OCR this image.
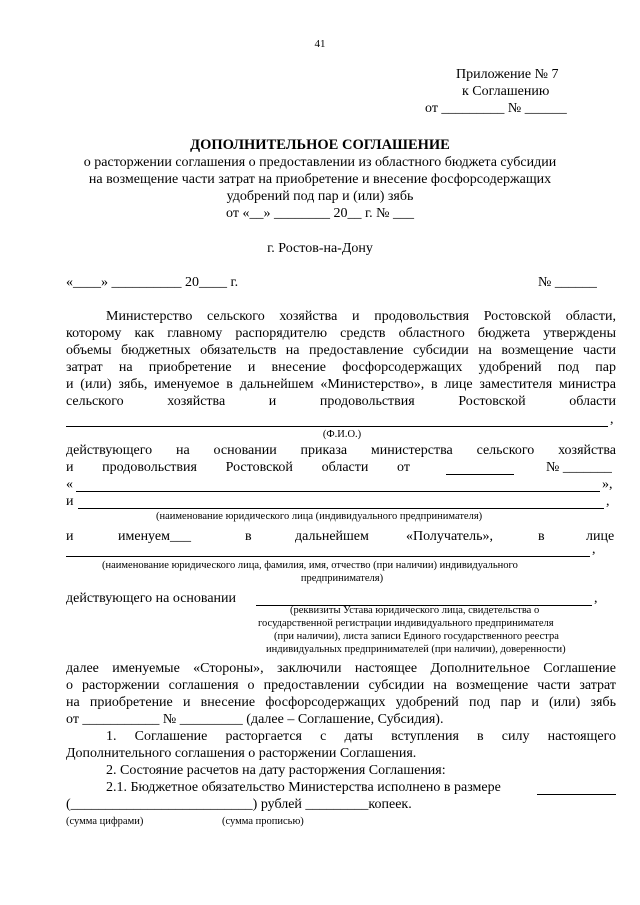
41
Приложение № 7
к Соглашению
от _________ № ______
ДОПОЛНИТЕЛЬНОЕ СОГЛАШЕНИЕ
о расторжении соглашения о предоставлении из областного бюджета субсидии
на возмещение части затрат на приобретение и внесение фосфорсодержащих
удобрений под пар и (или) зябь
от «__» ________ 20__ г. № ___
г. Ростов-на-Дону
«____» __________ 20____ г.	№ ______
Министерство сельского хозяйства и продовольствия Ростовской области,
которому как главному распорядителю средств областного бюджета утверждены
объемы бюджетных обязательств на предоставление субсидии на возмещение части
затрат на приобретение и внесение фосфорсодержащих удобрений под пар
и (или) зябь, именуемое в дальнейшем «Министерство», в лице заместителя министра
сельского хозяйства и продовольствия Ростовской области
,
(Ф.И.О.)
действующего на основании приказа министерства сельского хозяйства
и продовольствия Ростовской области от	№ _______
«	»,
и	,
(наименование юридического лица (индивидуального предпринимателя)
и	именуем___	в	дальнейшем	«Получатель»,	в	лице
,
(наименование юридического лица, фамилия, имя, отчество (при наличии) индивидуального
предпринимателя)
действующего на основании	,
(реквизиты Устава юридического лица, свидетельства о
государственной регистрации индивидуального предпринимателя
(при наличии), листа записи Единого государственного реестра
индивидуальных предпринимателей (при наличии), доверенности)
далее именуемые «Стороны», заключили настоящее Дополнительное Соглашение
о расторжении соглашения о предоставлении субсидии на возмещение части затрат
на приобретение и внесение фосфорсодержащих удобрений под пар и (или) зябь
от ___________ № _________ (далее – Соглашение, Субсидия).
1. Соглашение расторгается с даты вступления в силу настоящего
Дополнительного соглашения о расторжении Соглашения.
2. Состояние расчетов на дату расторжения Соглашения:
2.1. Бюджетное обязательство Министерства исполнено в размере
(__________________________) рублей _________копеек.
(сумма цифрами)	(сумма прописью)
